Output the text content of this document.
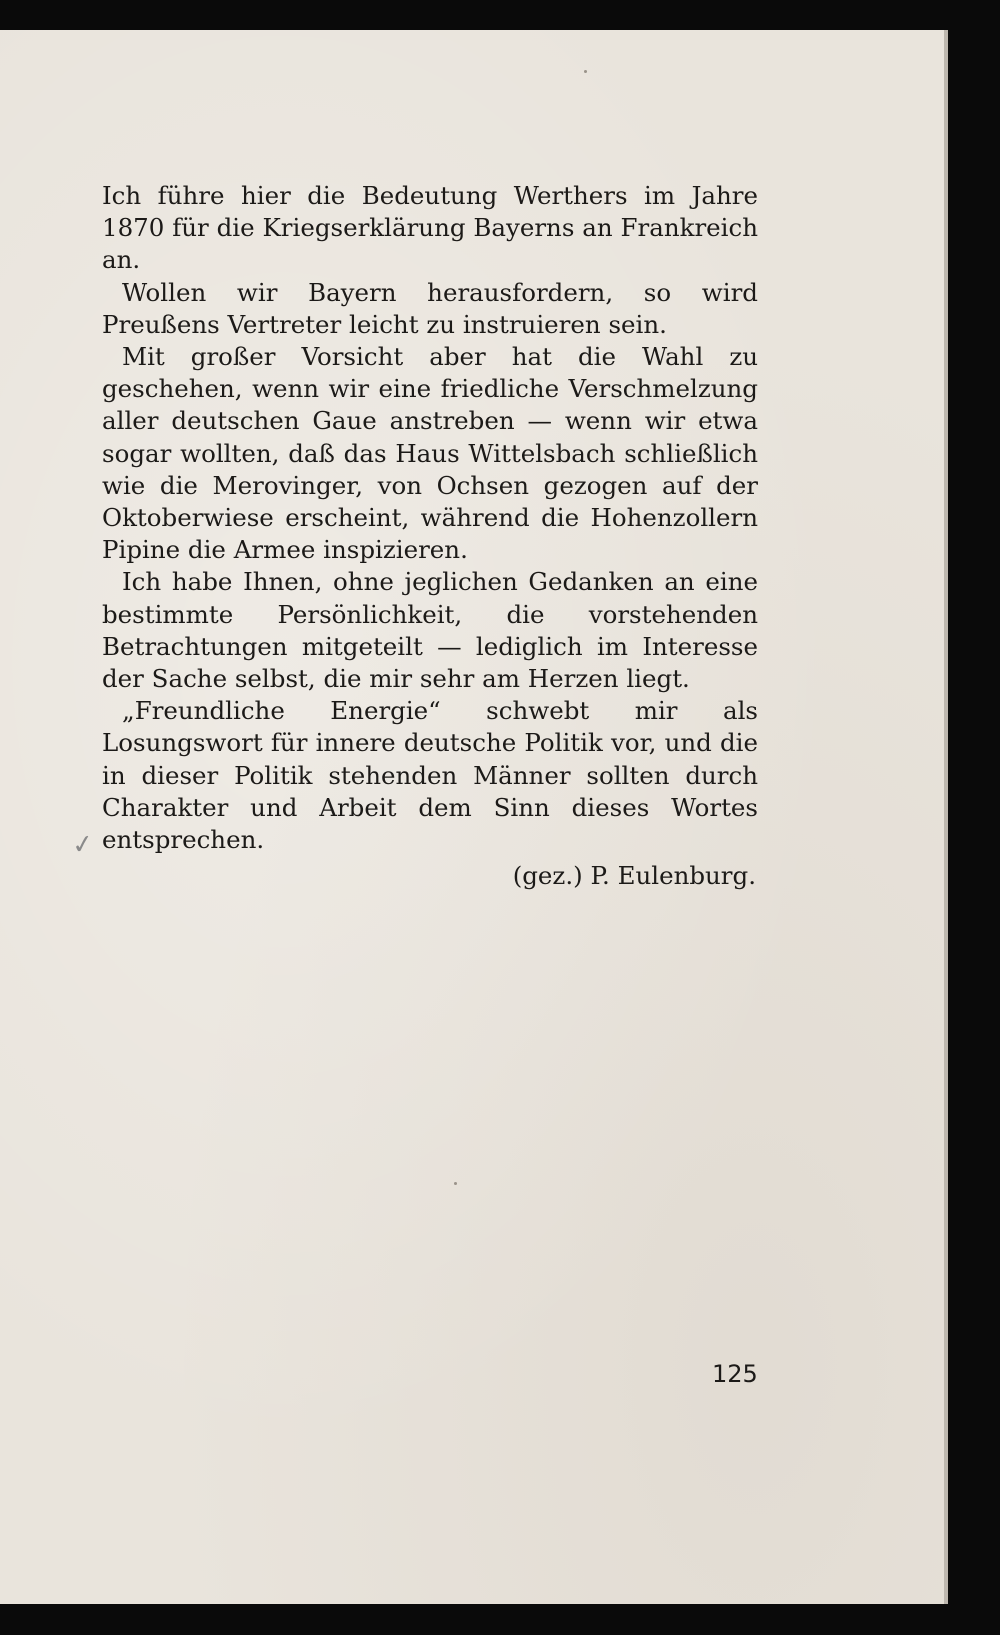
Ich führe hier die Bedeutung Werthers im Jahre 1870 für die Kriegserklärung Bayerns an Frankreich an.

Wollen wir Bayern herausfordern, so wird Preußens Vertreter leicht zu instruieren sein.

Mit großer Vorsicht aber hat die Wahl zu geschehen, wenn wir eine friedliche Verschmelzung aller deutschen Gaue anstreben — wenn wir etwa sogar wollten, daß das Haus Wittelsbach schließlich wie die Merovinger, von Ochsen gezogen auf der Oktoberwiese erscheint, während die Hohenzollern Pipine die Armee inspizieren.

Ich habe Ihnen, ohne jeglichen Gedanken an eine bestimmte Persönlichkeit, die vorstehenden Betrachtungen mitgeteilt — lediglich im Interesse der Sache selbst, die mir sehr am Herzen liegt.

„Freundliche Energie“ schwebt mir als Losungswort für innere deutsche Politik vor, und die in dieser Politik stehenden Männer sollten durch Charakter und Arbeit dem Sinn dieses Wortes entsprechen.

(gez.) P. Eulenburg.

✓
125
